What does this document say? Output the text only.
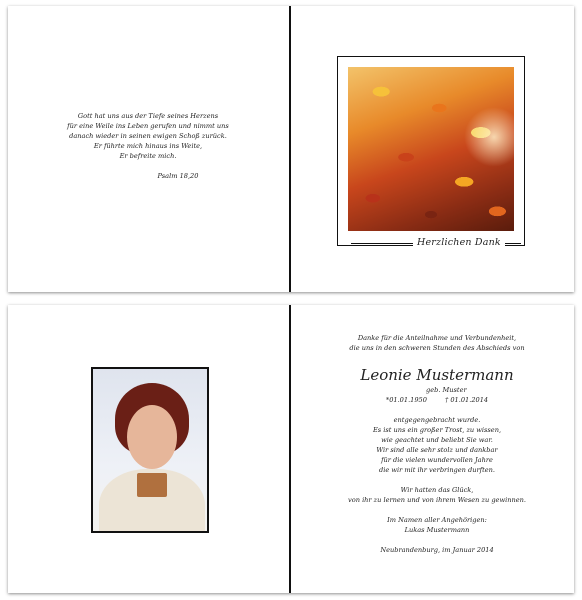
Gott hat uns aus der Tiefe seines Herzens
für eine Weile ins Leben gerufen und nimmt uns
danach wieder in seinen ewigen Schoß zurück.
Er führte mich hinaus ins Weite,
Er befreite mich.
Psalm 18,20
Herzlichen Dank

Danke für die Anteilnahme und Verbundenheit,

die uns in den schweren Stunden des Abschieds von

Leonie Mustermann

geb. Muster
*01.01.1950	† 01.01.2014

entgegengebracht wurde.

Es ist uns ein großer Trost, zu wissen,

wie geachtet und beliebt Sie war.

Wir sind alle sehr stolz und dankbar

für die vielen wundervollen Jahre

die wir mit ihr verbringen durften.

Wir hatten das Glück,

von ihr zu lernen und von ihrem Wesen zu gewinnen.

Im Namen aller Angehörigen:

Lukas Mustermann

Neubrandenburg, im Januar 2014
